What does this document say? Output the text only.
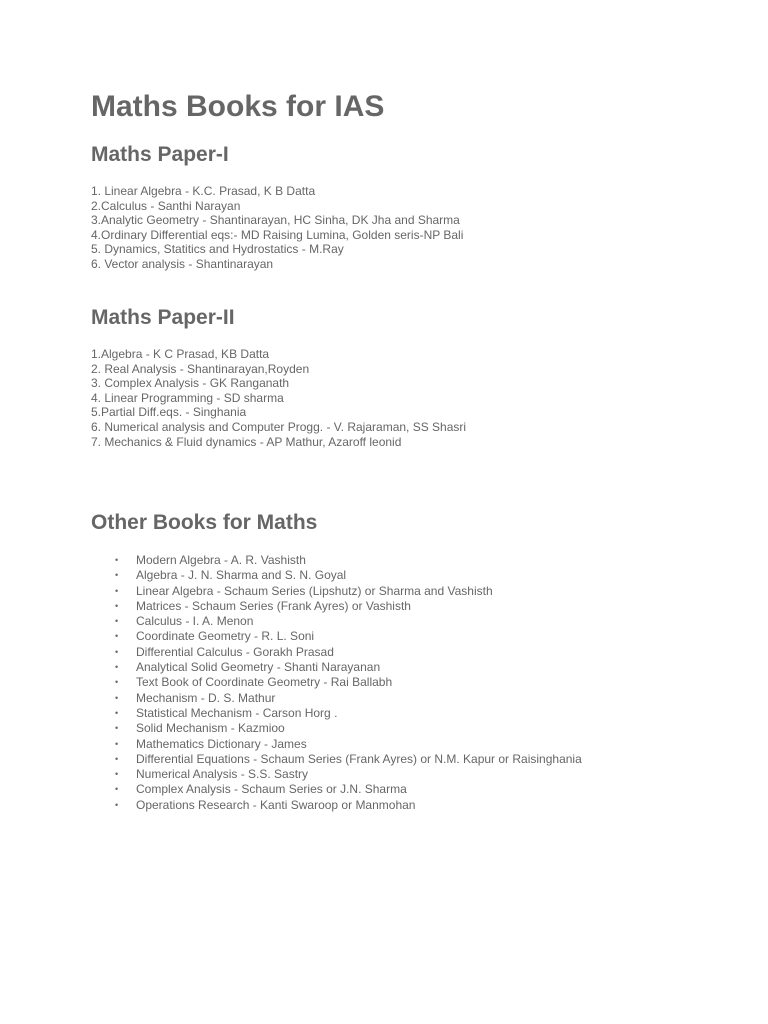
Maths Books for IAS
Maths Paper-I
1. Linear Algebra - K.C. Prasad, K B Datta
2.Calculus - Santhi Narayan
3.Analytic Geometry - Shantinarayan, HC Sinha, DK Jha and Sharma
4.Ordinary Differential eqs:- MD Raising Lumina, Golden seris-NP Bali
5. Dynamics, Statitics and Hydrostatics - M.Ray
6. Vector analysis - Shantinarayan
Maths Paper-II
1.Algebra - K C Prasad, KB Datta
2. Real Analysis - Shantinarayan,Royden
3. Complex Analysis - GK Ranganath
4. Linear Programming - SD sharma
5.Partial Diff.eqs. - Singhania
6. Numerical analysis and Computer Progg. - V. Rajaraman, SS Shasri
7. Mechanics & Fluid dynamics - AP Mathur, Azaroff leonid
Other Books for Maths
• Modern Algebra - A. R. Vashisth
• Algebra - J. N. Sharma and S. N. Goyal
• Linear Algebra - Schaum Series (Lipshutz) or Sharma and Vashisth
• Matrices - Schaum Series (Frank Ayres) or Vashisth
• Calculus - I. A. Menon
• Coordinate Geometry - R. L. Soni
• Differential Calculus - Gorakh Prasad
• Analytical Solid Geometry - Shanti Narayanan
• Text Book of Coordinate Geometry - Rai Ballabh
• Mechanism - D. S. Mathur
• Statistical Mechanism - Carson Horg .
• Solid Mechanism - Kazmioo
• Mathematics Dictionary - James
• Differential Equations - Schaum Series (Frank Ayres) or N.M. Kapur or Raisinghania
• Numerical Analysis - S.S. Sastry
• Complex Analysis - Schaum Series or J.N. Sharma
• Operations Research - Kanti Swaroop or Manmohan
